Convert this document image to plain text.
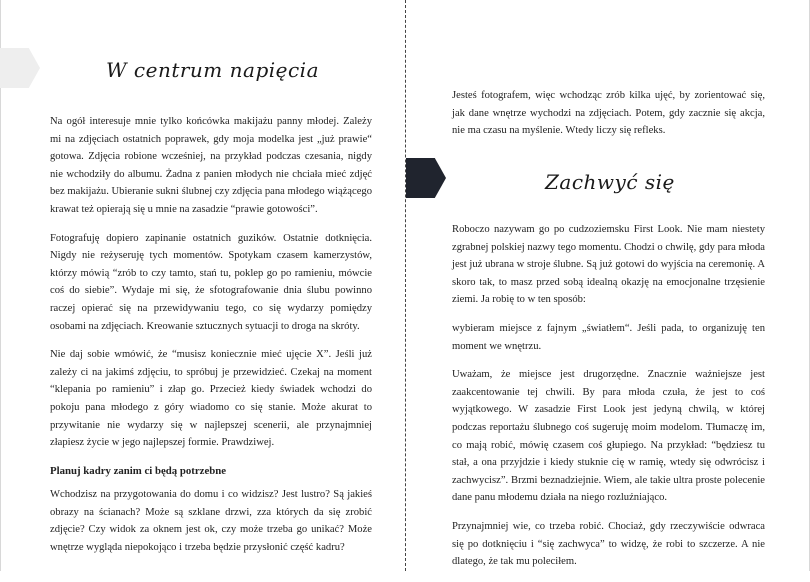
W centrum napięcia

Na ogół interesuje mnie tylko końcówka makijażu panny młodej. Zależy mi na zdjęciach ostatnich poprawek, gdy moja modelka jest „już prawie“ gotowa. Zdjęcia robione wcześniej, na przykład podczas czesania, nigdy nie wchodziły do albumu. Żadna z panien młodych nie chciała mieć zdjęć bez makijażu. Ubieranie sukni ślubnej czy zdjęcia pana młodego wiążącego krawat też opierają się u mnie na zasadzie “prawie gotowości”.

Fotografuję dopiero zapinanie ostatnich guzików. Ostatnie dotknięcia. Nigdy nie reżyseruję tych momentów. Spotykam czasem kamerzystów, którzy mówią “zrób to czy tamto, stań tu, poklep go po ramieniu, mówcie coś do siebie”. Wydaje mi się, że sfotografowanie dnia ślubu powinno raczej opierać się na przewidywaniu tego, co się wydarzy pomiędzy osobami na zdjęciach. Kreowanie sztucznych sytuacji to droga na skróty.

Nie daj sobie wmówić, że “musisz koniecznie mieć ujęcie X”. Jeśli już zależy ci na jakimś zdjęciu, to spróbuj je przewidzieć. Czekaj na moment “klepania po ramieniu” i złap go. Przecież kiedy świadek wchodzi do pokoju pana młodego z góry wiadomo co się stanie. Może akurat to przywitanie nie wydarzy się w najlepszej scenerii, ale przynajmniej złapiesz życie w jego najlepszej formie. Prawdziwej.

Planuj kadry zanim ci będą potrzebne

Wchodzisz na przygotowania do domu i co widzisz? Jest lustro? Są jakieś obrazy na ścianach? Może są szklane drzwi, zza których da się zrobić zdjęcie? Czy widok za oknem jest ok, czy może trzeba go unikać? Może wnętrze wygląda niepokojąco i trzeba będzie przysłonić część kadru?

Jesteś fotografem, więc wchodząc zrób kilka ujęć, by zorientować się, jak dane wnętrze wychodzi na zdjęciach. Potem, gdy zacznie się akcja, nie ma czasu na myślenie. Wtedy liczy się refleks.

Zachwyć się

Roboczo nazywam go po cudzoziemsku First Look. Nie mam niestety zgrabnej polskiej nazwy tego momentu. Chodzi o chwilę, gdy para młoda jest już ubrana w stroje ślubne. Są już gotowi do wyjścia na ceremonię. A skoro tak, to masz przed sobą idealną okazję na emocjonalne trzęsienie ziemi. Ja robię to w ten sposób:

wybieram miejsce z fajnym „światłem“. Jeśli pada, to organizuję ten moment we wnętrzu.

Uważam, że miejsce jest drugorzędne. Znacznie ważniejsze jest zaakcentowanie tej chwili. By para młoda czuła, że jest to coś wyjątkowego. W zasadzie First Look jest jedyną chwilą, w której podczas reportażu ślubnego coś sugeruję moim modelom. Tłumaczę im, co mają robić, mówię czasem coś głupiego. Na przykład: “będziesz tu stał, a ona przyjdzie i kiedy stuknie cię w ramię, wtedy się odwrócisz i zachwycisz”. Brzmi beznadziejnie. Wiem, ale takie ultra proste polecenie dane panu młodemu działa na niego rozluźniająco.

Przynajmniej wie, co trzeba robić. Chociaż, gdy rzeczywiście odwraca się po dotknięciu i “się zachwyca” to widzę, że robi to szczerze. A nie dlatego, że tak mu poleciłem.
